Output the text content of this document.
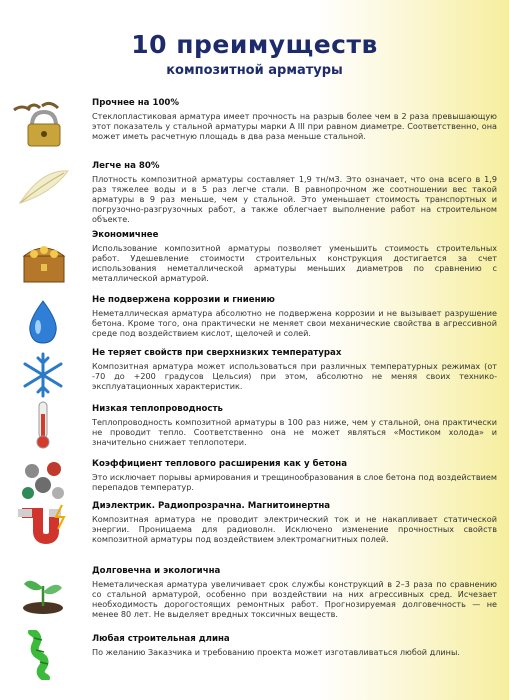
10 преимуществ
композитной арматуры
Прочнее на 100%
Стеклопластиковая арматура имеет прочность на разрыв более чем в 2 раза превышающую этот показатель у стальной арматуры марки А III при равном диаметре. Соответственно, она может иметь расчетную площадь в два раза меньше стальной.
Легче на 80%
Плотность композитной арматуры составляет 1,9 тн/м3. Это означает, что она всего в 1,9 раз тяжелее воды и в 5 раз легче стали. В равнопрочном же соотношении вес такой арматуры в 9 раз меньше, чем у стальной. Это уменьшает стоимость транспортных и погрузочно-разгрузочных работ, а также облегчает выполнение работ на строительном объекте.
Экономичнее
Использование композитной арматуры позволяет уменьшить стоимость строительных работ. Удешевление стоимости строительных конструкция достигается за счет использования неметаллической арматуры меньших диаметров по сравнению с металлической арматурой.
Не подвержена коррозии и гниению
Неметаллическая арматура абсолютно не подвержена коррозии и не вызывает разрушение бетона. Кроме того, она практически не меняет свои механические свойства в агрессивной среде под воздействием кислот, щелочей и солей.
Не теряет свойств при сверхнизких температурах
Композитная арматура может использоваться при различных температурных режимах (от -70 до +200 градусов Цельсия) при этом, абсолютно не меняя своих технико-эксплуатационных характеристик.
Низкая теплопроводность
Теплопроводность композитной арматуры в 100 раз ниже, чем у стальной, она практически не проводит тепло. Соответственно она не может являться «Мостиком холода» и значительно снижает теплопотери.
Коэффициент теплового расширения как у бетона
Это исключает порывы армирования и трещинообразования в слое бетона под воздействием перепадов температур.
Диэлектрик. Радиопрозрачна. Магнитоинертна
Композитная арматура не проводит электрический ток и не накапливает статической энергии. Проницаема для радиоволн. Исключено изменение прочностных свойств композитной арматуры под воздействием электромагнитных полей.
Долговечна и экологична
Неметалическая арматура увеличивает срок службы конструкций в 2–3 раза по сравнению со стальной арматурой, особенно при воздействии на них агрессивных сред. Исчезает необходимость дорогостоящих ремонтных работ. Прогнозируемая долговечность — не менее 80 лет. Не выделяет вредных токсичных веществ.
Любая строительная длина
По желанию Заказчика и требованию проекта может изготавливаться любой длины.
